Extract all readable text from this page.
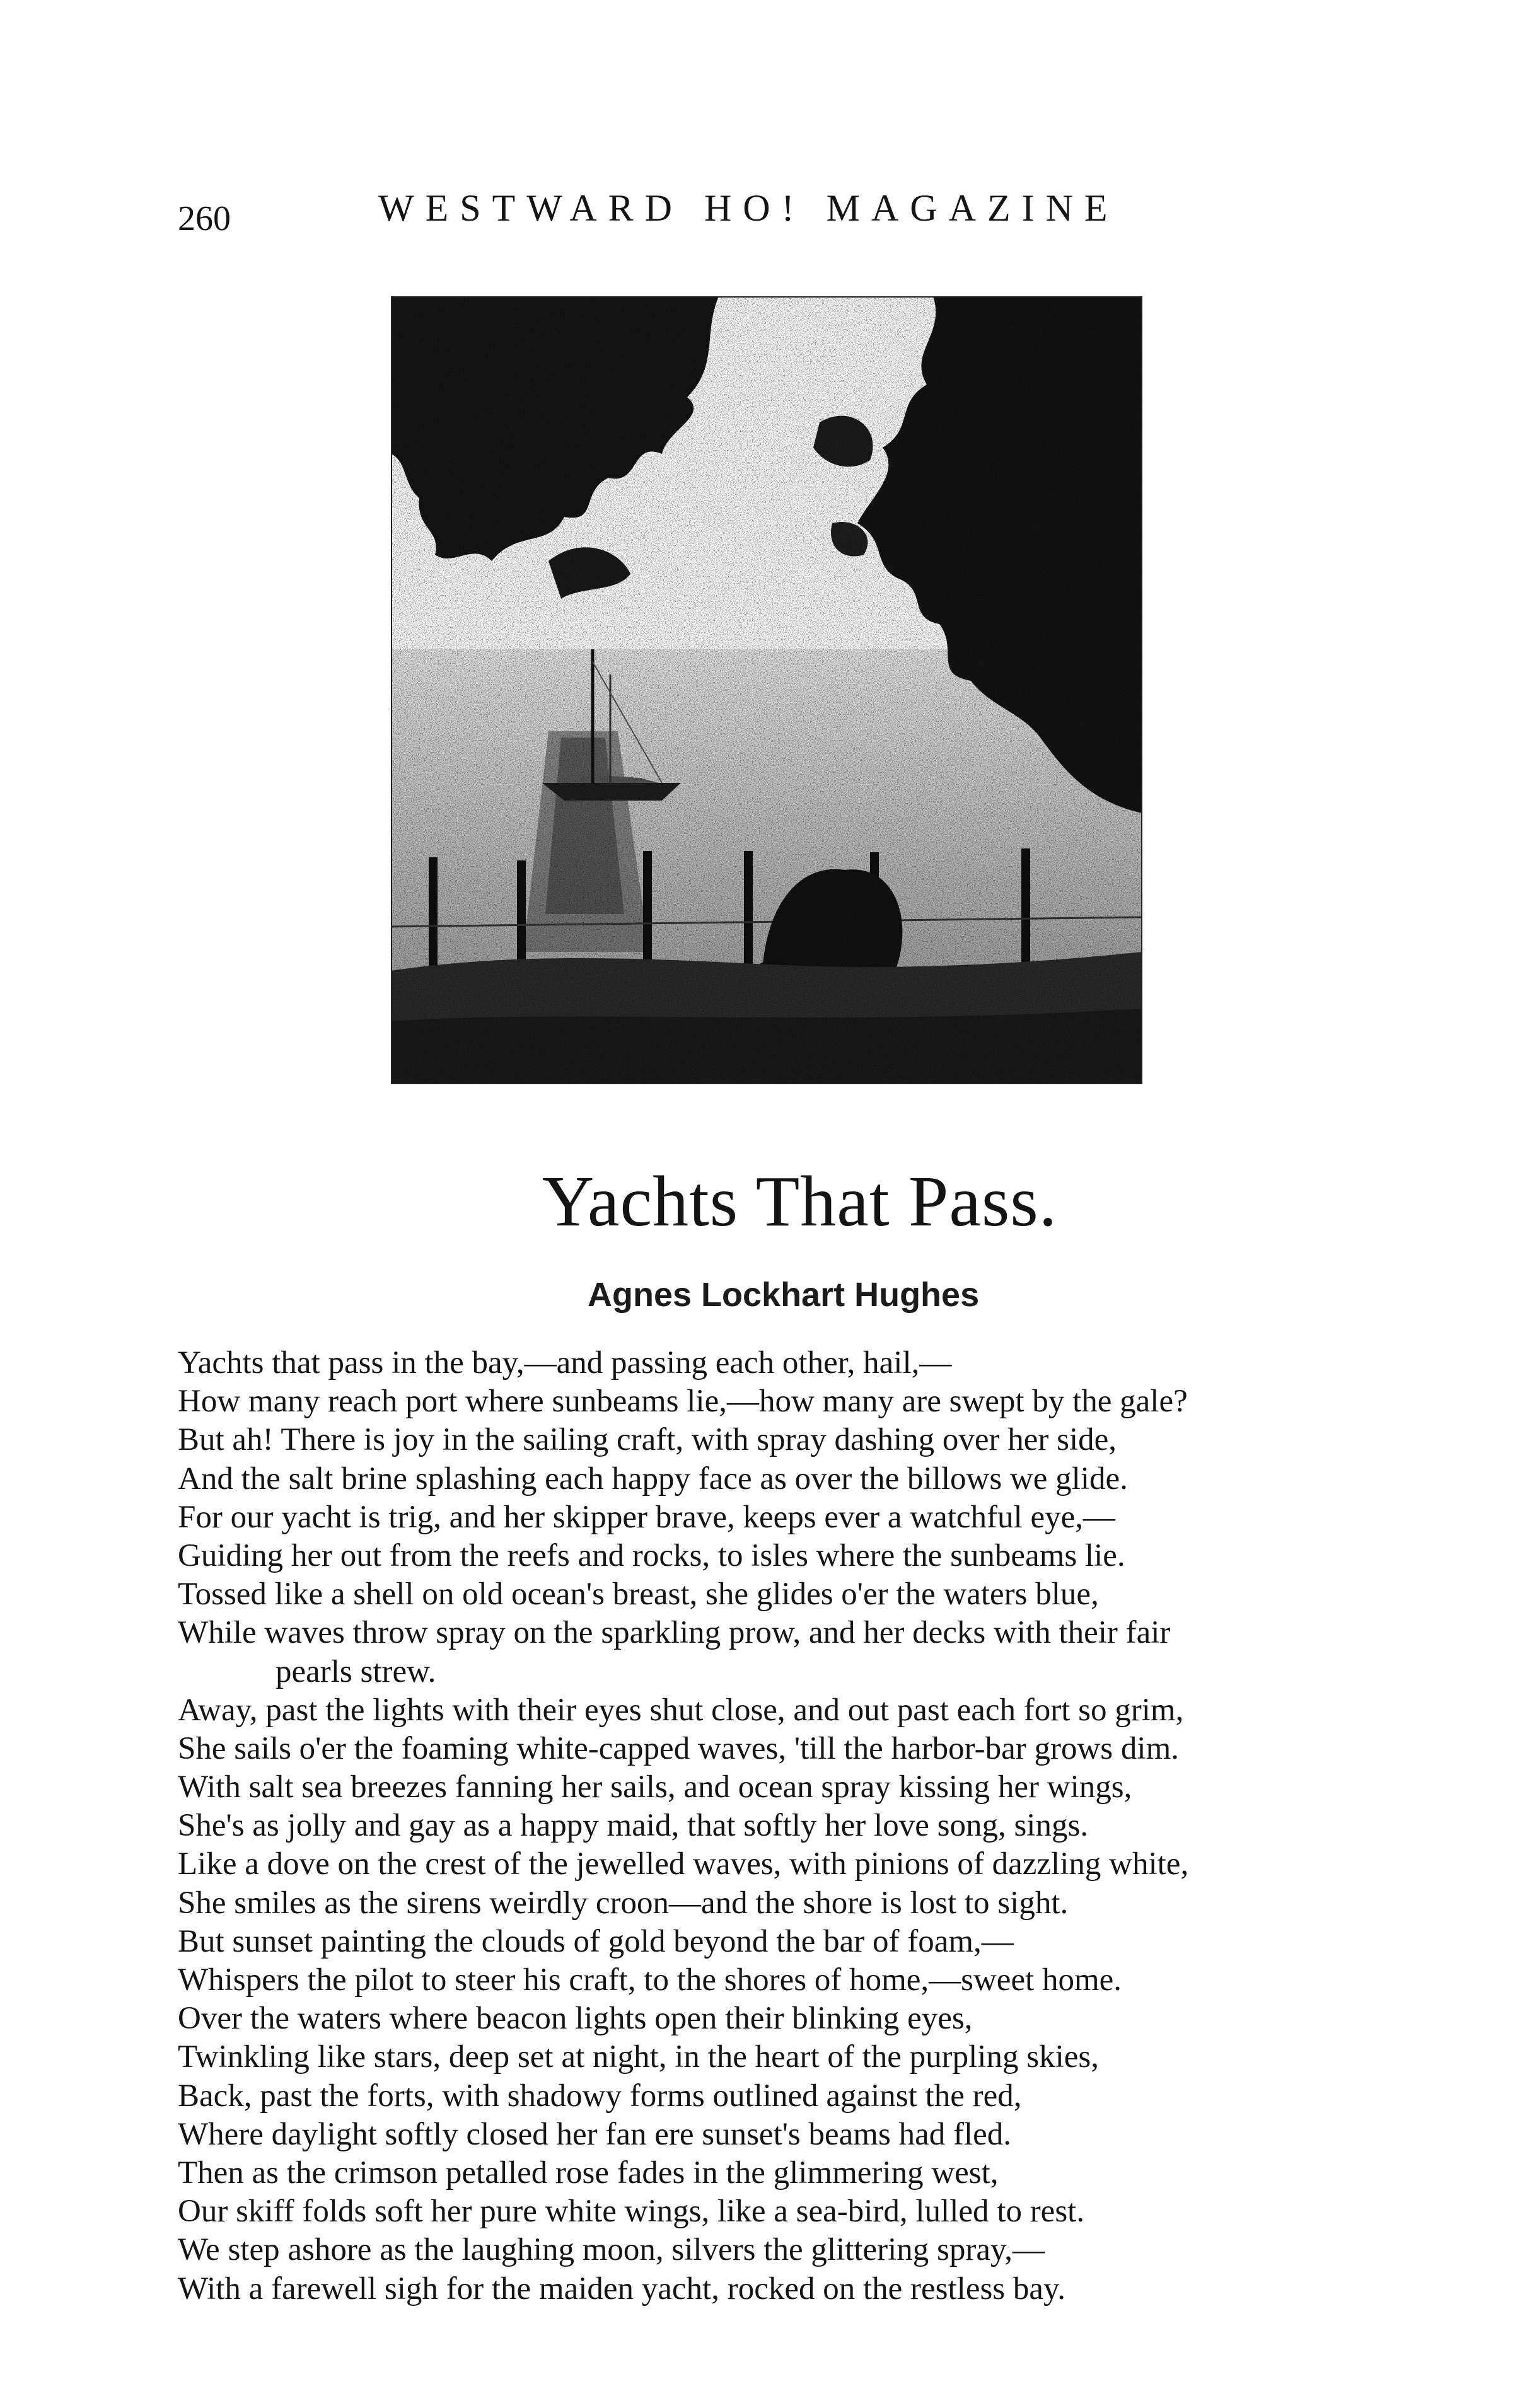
260	WESTWARD HO! MAGAZINE
Yachts That Pass.
Agnes Lockhart Hughes
Yachts that pass in the bay,—and passing each other, hail,—
How many reach port where sunbeams lie,—how many are swept by the gale?
But ah! There is joy in the sailing craft, with spray dashing over her side,
And the salt brine splashing each happy face as over the billows we glide.
For our yacht is trig, and her skipper brave, keeps ever a watchful eye,—
Guiding her out from the reefs and rocks, to isles where the sunbeams lie.
Tossed like a shell on old ocean's breast, she glides o'er the waters blue,
While waves throw spray on the sparkling prow, and her decks with their fair
pearls strew.
Away, past the lights with their eyes shut close, and out past each fort so grim,
She sails o'er the foaming white-capped waves, 'till the harbor-bar grows dim.
With salt sea breezes fanning her sails, and ocean spray kissing her wings,
She's as jolly and gay as a happy maid, that softly her love song, sings.
Like a dove on the crest of the jewelled waves, with pinions of dazzling white,
She smiles as the sirens weirdly croon—and the shore is lost to sight.
But sunset painting the clouds of gold beyond the bar of foam,—
Whispers the pilot to steer his craft, to the shores of home,—sweet home.
Over the waters where beacon lights open their blinking eyes,
Twinkling like stars, deep set at night, in the heart of the purpling skies,
Back, past the forts, with shadowy forms outlined against the red,
Where daylight softly closed her fan ere sunset's beams had fled.
Then as the crimson petalled rose fades in the glimmering west,
Our skiff folds soft her pure white wings, like a sea-bird, lulled to rest.
We step ashore as the laughing moon, silvers the glittering spray,—
With a farewell sigh for the maiden yacht, rocked on the restless bay.
